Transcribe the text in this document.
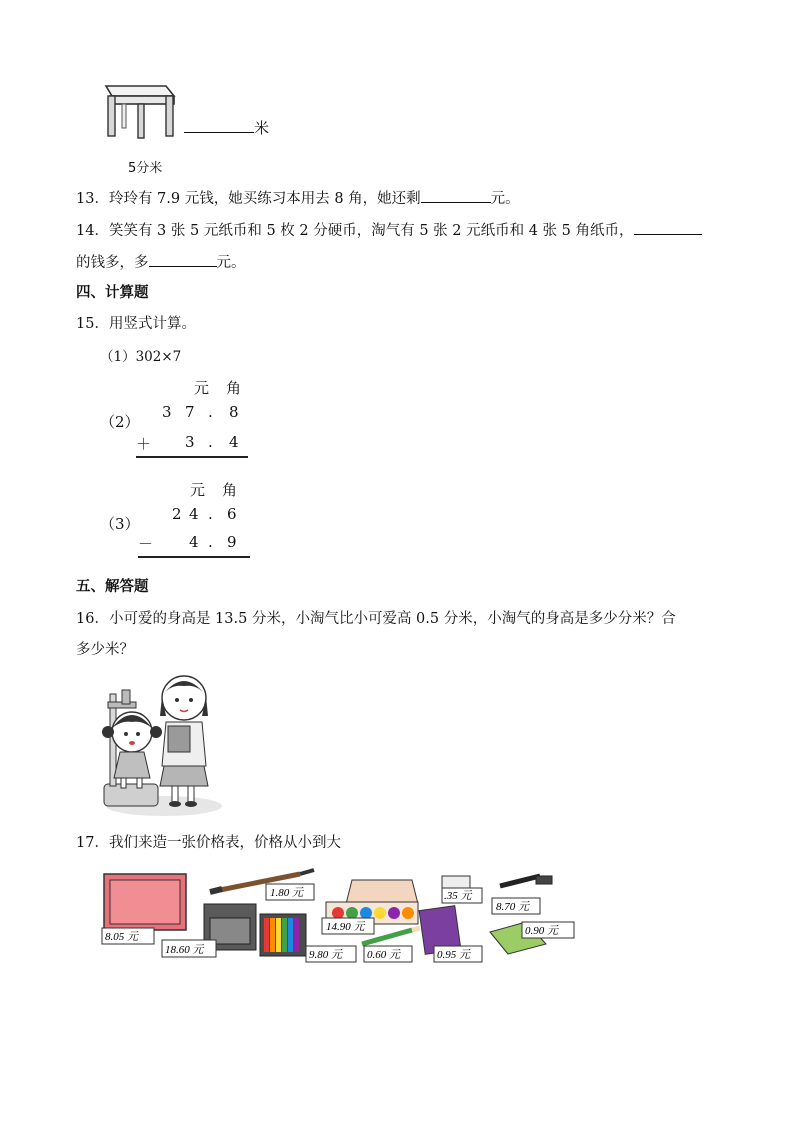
5分米
米
13．玲玲有 7.9 元钱，她买练习本用去 8 角，她还剩	元。
14．笑笑有 3 张 5 元纸币和 5 枚 2 分硬币，淘气有 5 张 2 元纸币和 4 张 5 角纸币，
的钱多，多	元。
四、计算题
15．用竖式计算。
（1）302×7
元 角
（2）
3 7 . 8
＋ 3 . 4
元 角
（3）
2 4 . 6
－ 4 . 9
五、解答题
16．小可爱的身高是 13.5 分米，小淘气比小可爱高 0.5 分米，小淘气的身高是多少分米？合
多少米？
17．我们来造一张价格表，价格从小到大
1.80 元	.35 元
8.70 元
14.90 元
8.05 元
18.60 元	9.80 元 0.60 元	0.95 元
0.90 元
